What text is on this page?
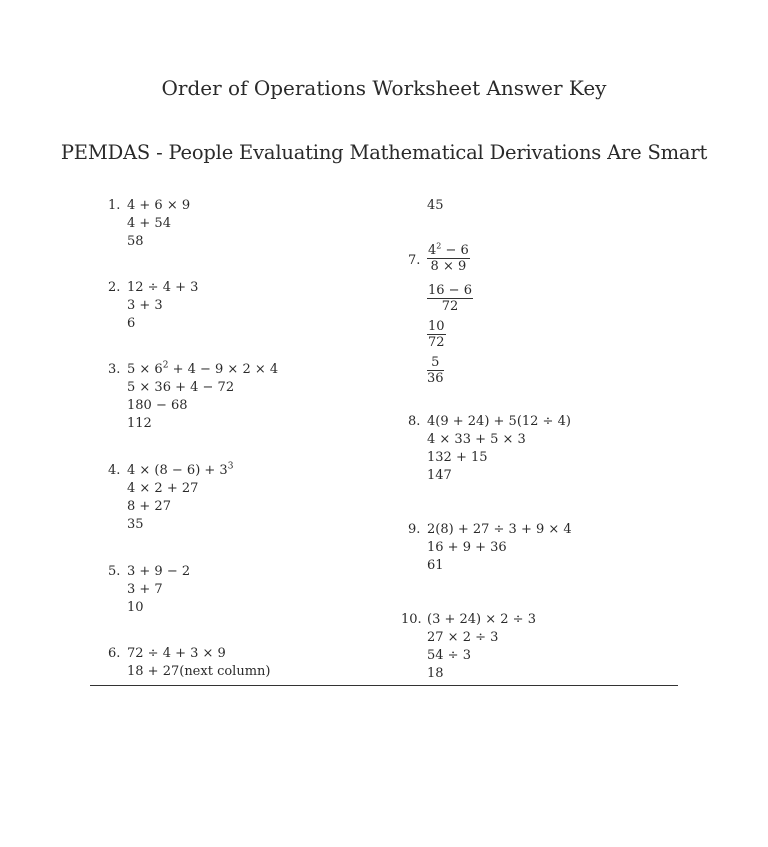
Order of Operations Worksheet Answer Key
PEMDAS - People Evaluating Mathematical Derivations Are Smart
1. 4 + 6 × 9
4 + 54
58
2. 12 ÷ 4 + 3
3 + 3
6
3. $5 \times 6^2 + 4 - 9 \times 2 \times 4$
5 × 36 + 4 − 72
180 − 68
112
4. $4 \times (8 - 6) + 3^3$
4 × 2 + 27
8 + 27
35
5. 3 + 9 − 2
3 + 7
10
6. 72 ÷ 4 + 3 × 9
18 + 27(next column)
45
7. $\frac{4^2 - 6}{8 \times 9}$
$\frac{16 - 6}{72}$
$\frac{10}{72}$
$\frac{5}{36}$
8. 4(9 + 24) + 5(12 ÷ 4)
4 × 33 + 5 × 3
132 + 15
147
9. 2(8) + 27 ÷ 3 + 9 × 4
16 + 9 + 36
61
10. (3 + 24) × 2 ÷ 3
27 × 2 ÷ 3
54 ÷ 3
18
